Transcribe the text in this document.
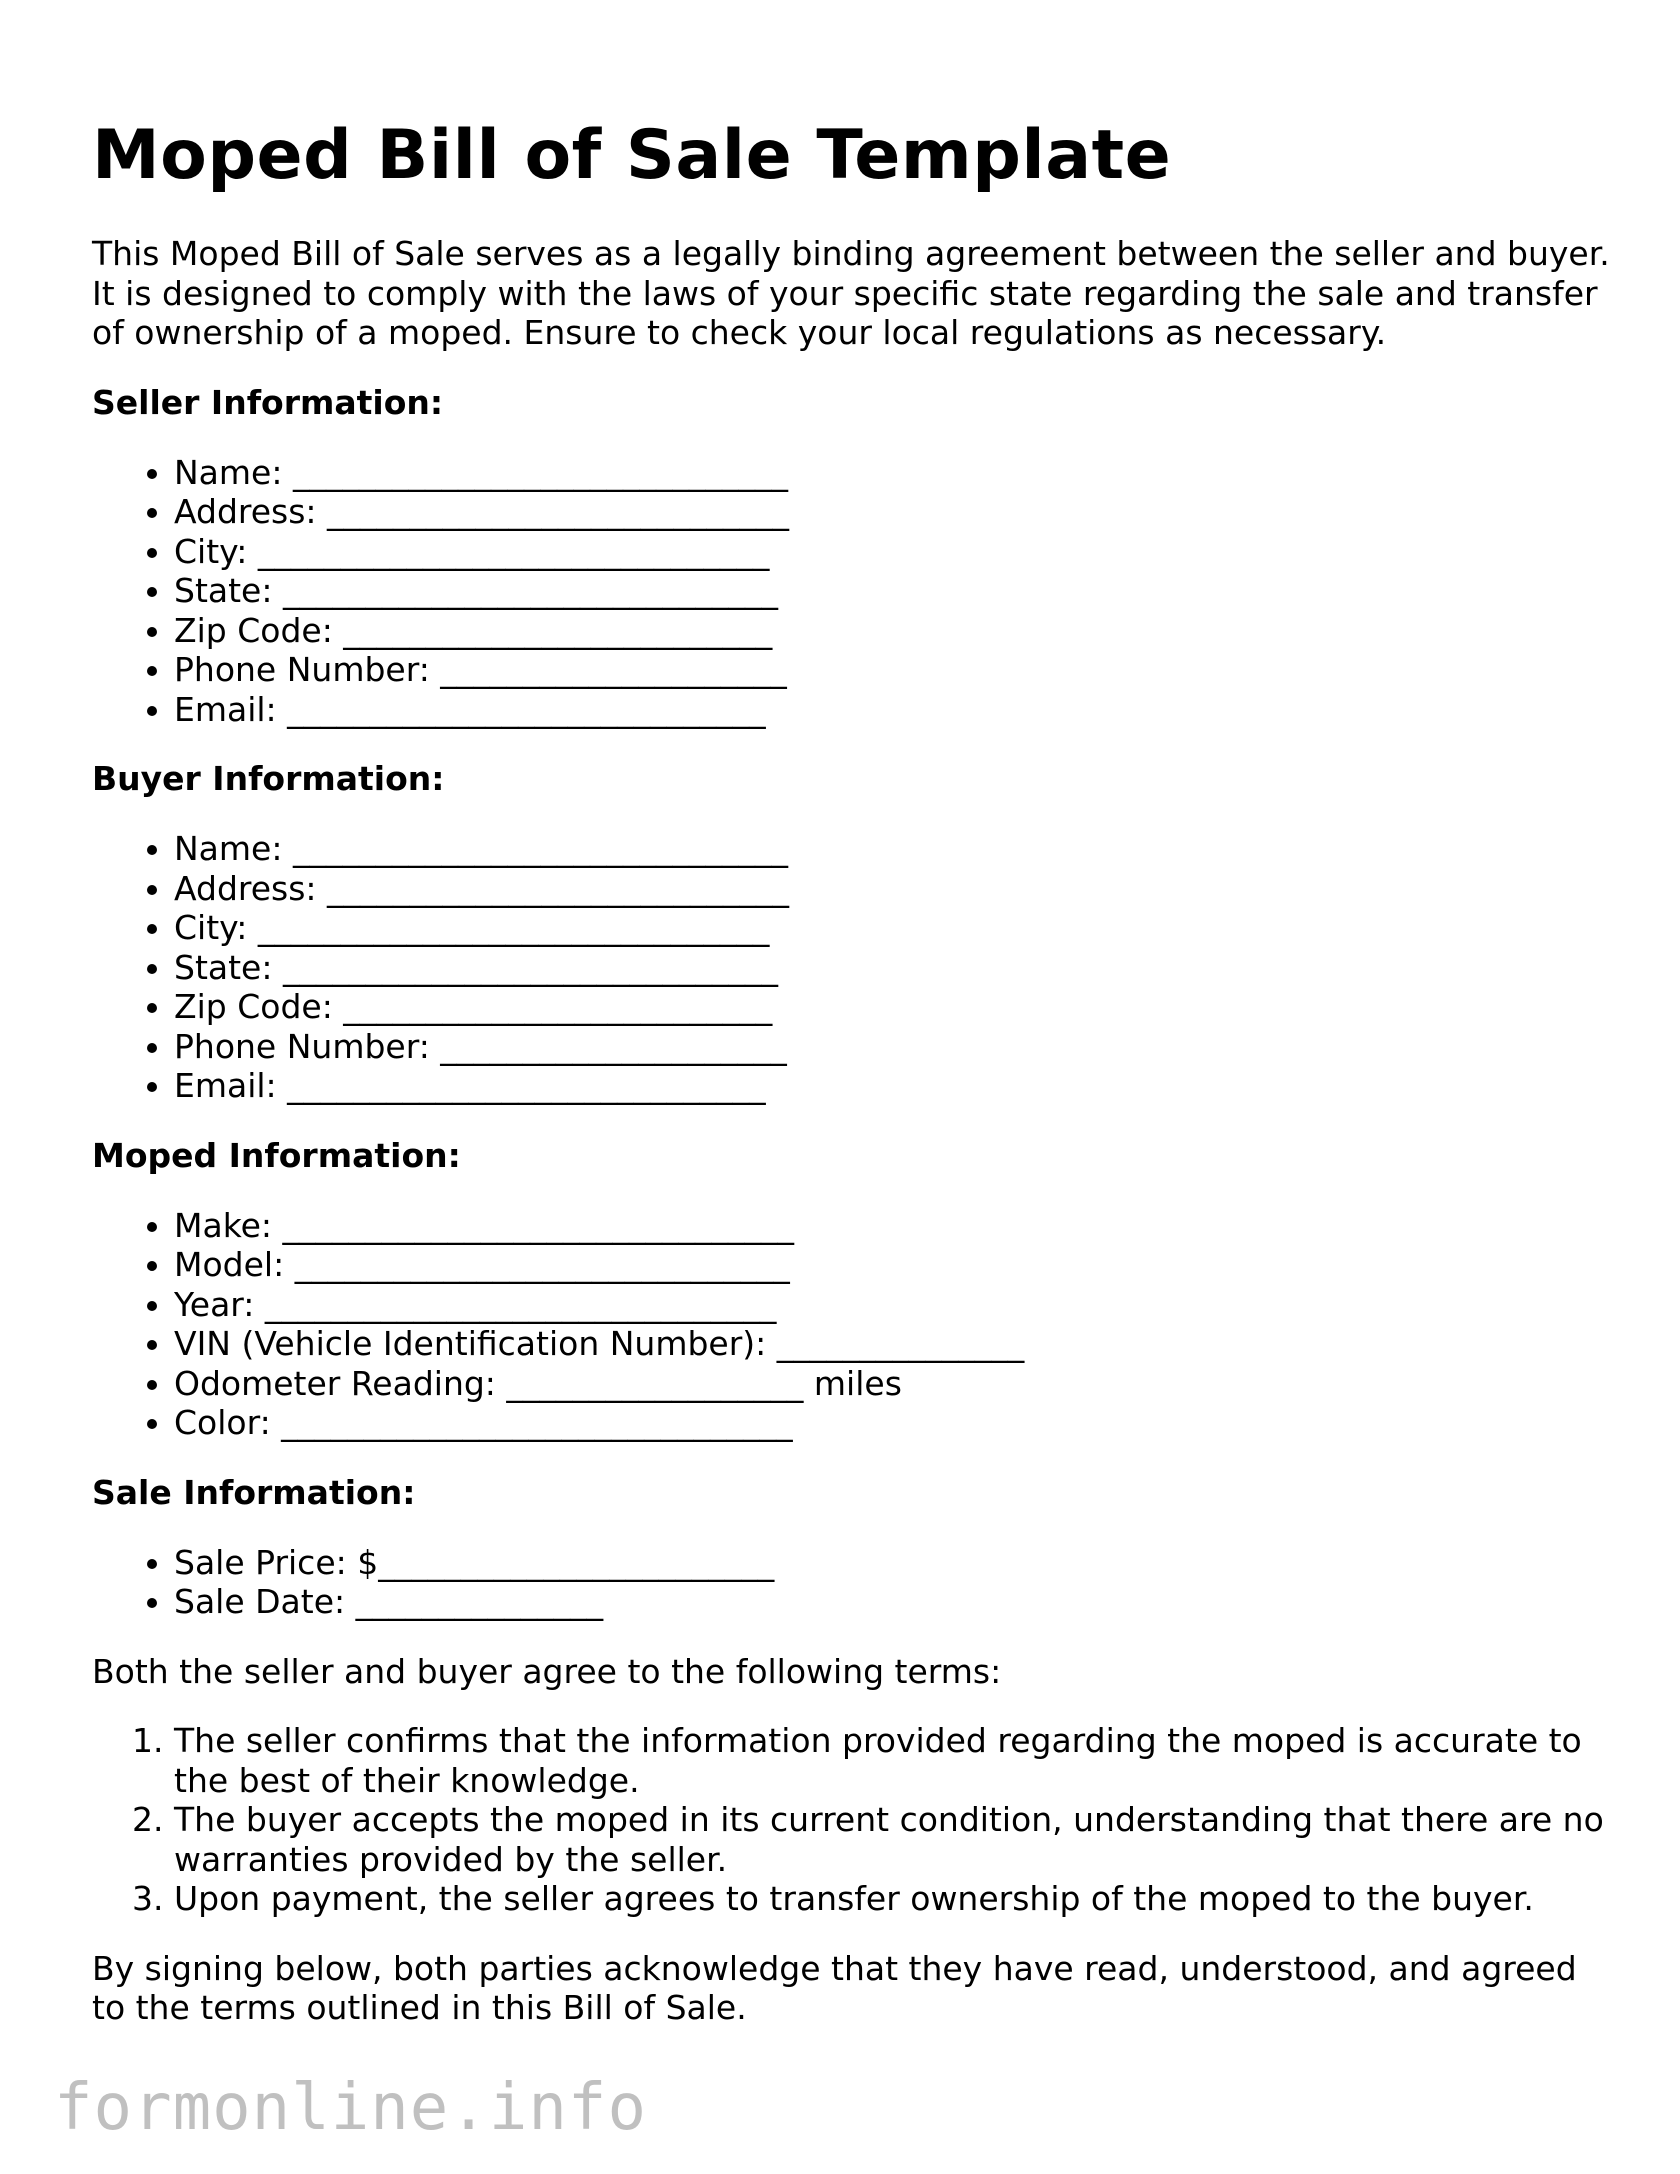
Moped Bill of Sale Template

This Moped Bill of Sale serves as a legally binding agreement between the seller and buyer. It is designed to comply with the laws of your specific state regarding the sale and transfer of ownership of a moped. Ensure to check your local regulations as necessary.

Seller Information:
• Name: ______________________________
• Address: ____________________________
• City: _______________________________
• State: ______________________________
• Zip Code: __________________________
• Phone Number: _____________________
• Email: _____________________________
Buyer Information:
• Name: ______________________________
• Address: ____________________________
• City: _______________________________
• State: ______________________________
• Zip Code: __________________________
• Phone Number: _____________________
• Email: _____________________________
Moped Information:
• Make: _______________________________
• Model: ______________________________
• Year: _______________________________
• VIN (Vehicle Identification Number): _______________
• Odometer Reading: __________________ miles
• Color: _______________________________
Sale Information:
• Sale Price: $________________________
• Sale Date: _______________

Both the seller and buyer agree to the following terms:

1. The seller confirms that the information provided regarding the moped is accurate to the best of their knowledge.
2. The buyer accepts the moped in its current condition, understanding that there are no warranties provided by the seller.
3. Upon payment, the seller agrees to transfer ownership of the moped to the buyer.

By signing below, both parties acknowledge that they have read, understood, and agreed to the terms outlined in this Bill of Sale.

formonline.info
